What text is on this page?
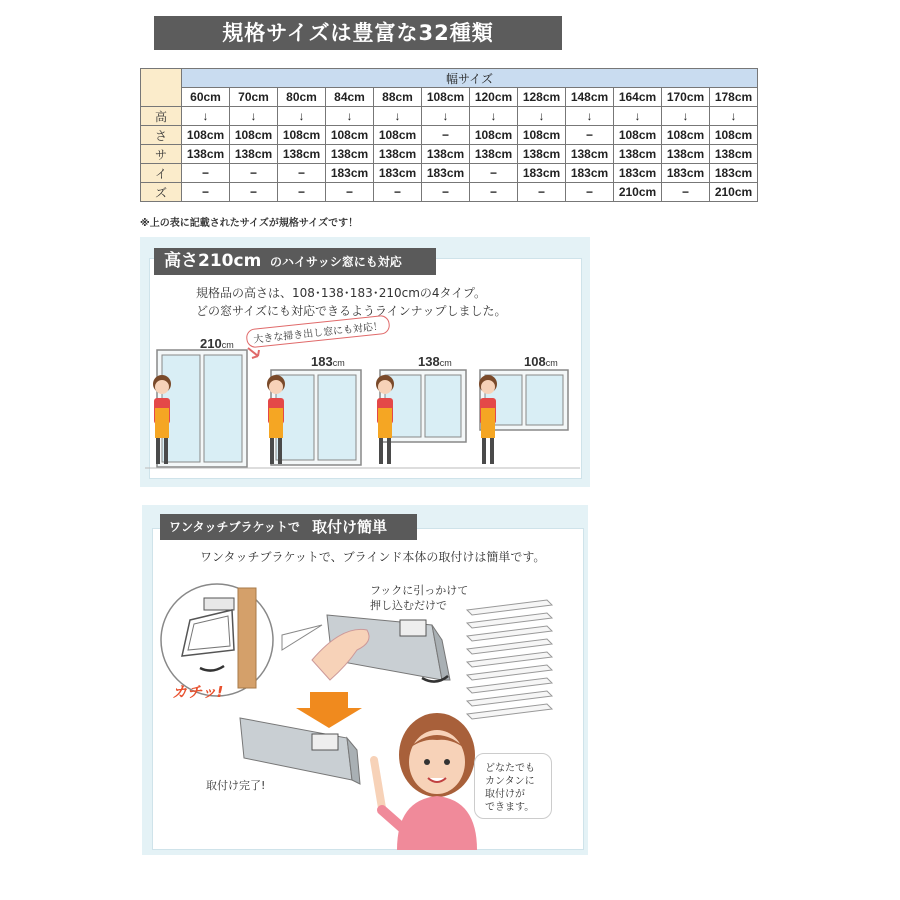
規格サイズは豊富な32種類
	幅サイズ											
	60cm	70cm	80cm	84cm	88cm	108cm	120cm	128cm	148cm	164cm	170cm	178cm
高	↓	↓	↓	↓	↓	↓	↓	↓	↓	↓	↓	↓
さ	108cm	108cm	108cm	108cm	108cm	−	108cm	108cm	−	108cm	108cm	108cm
サ	138cm	138cm	138cm	138cm	138cm	138cm	138cm	138cm	138cm	138cm	138cm	138cm
イ	−	−	−	183cm	183cm	183cm	−	183cm	183cm	183cm	183cm	183cm
ズ	−	−	−	−	−	−	−	−	−	210cm	−	210cm
※上の表に記載されたサイズが規格サイズです！
高さ210cm のハイサッシ窓にも対応
規格品の高さは、108･138･183･210cmの4タイプ。
どの窓サイズにも対応できるようラインナップしました。
大きな掃き出し窓にも対応！
210cm
183cm	138cm	108cm
ワンタッチブラケットで 取付け簡単
ワンタッチブラケットで、ブラインド本体の取付けは簡単です。
フックに引っかけて
押し込むだけで
カチッ!
取付け完了!
どなたでも
カンタンに
取付けが
できます。
